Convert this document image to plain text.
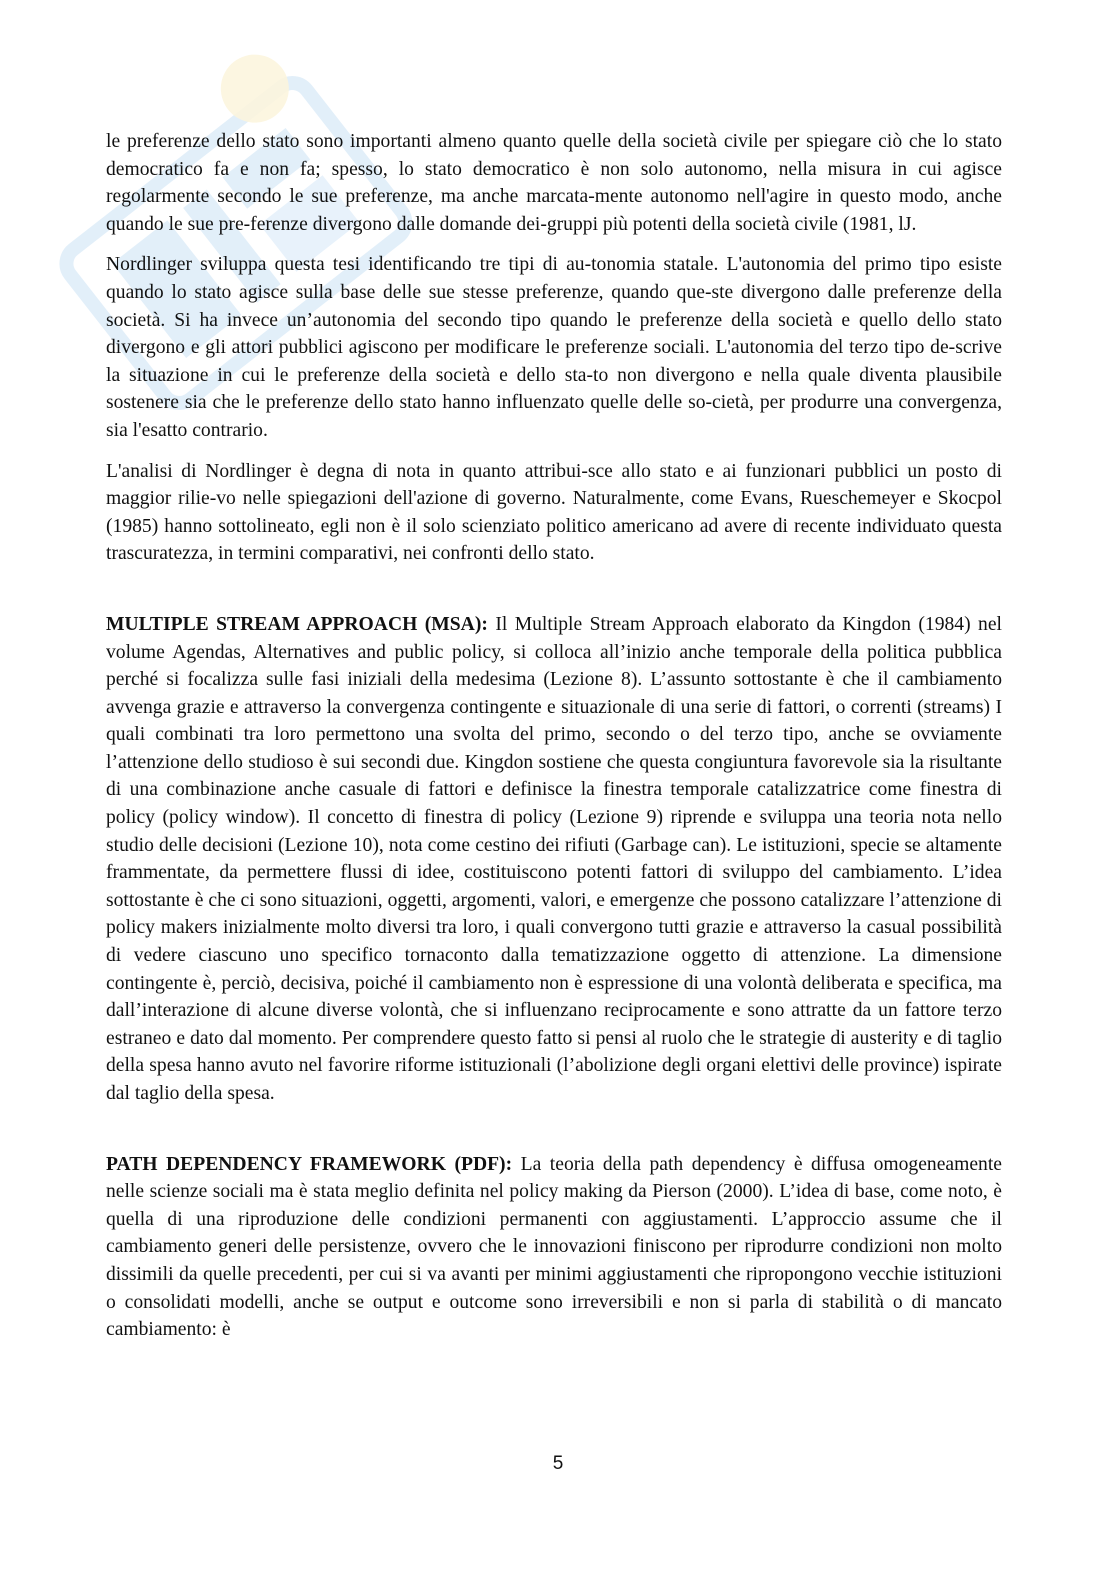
le preferenze dello stato sono importanti almeno quanto quelle della società civile per spiegare ciò che lo stato democratico fa e non fa; spesso, lo stato democratico è non solo autonomo, nella misura in cui agisce regolarmente secondo le sue preferenze, ma anche marcata-mente autonomo nell'agire in questo modo, anche quando le sue pre-ferenze divergono dalle domande dei-gruppi più potenti della società civile (1981, lJ.

Nordlinger sviluppa questa tesi identificando tre tipi di au-tonomia statale. L'autonomia del primo tipo esiste quando lo stato agisce sulla base delle sue stesse preferenze, quando que-ste divergono dalle preferenze della società. Si ha invece un’autonomia del secondo tipo quando le preferenze della società e quello dello stato divergono e gli attori pubblici agiscono per modificare le preferenze sociali. L'autonomia del terzo tipo de-scrive la situazione in cui le preferenze della società e dello sta-to non divergono e nella quale diventa plausibile sostenere sia che le preferenze dello stato hanno influenzato quelle delle so-cietà, per produrre una convergenza, sia l'esatto contrario.

L'analisi di Nordlinger è degna di nota in quanto attribui-sce allo stato e ai funzionari pubblici un posto di maggior rilie-vo nelle spiegazioni dell'azione di governo. Naturalmente, come Evans, Rueschemeyer e Skocpol (1985) hanno sottolineato, egli non è il solo scienziato politico americano ad avere di recente individuato questa trascuratezza, in termini comparativi, nei confronti dello stato.

MULTIPLE STREAM APPROACH (MSA): Il Multiple Stream Approach elaborato da Kingdon (1984) nel volume Agendas, Alternatives and public policy, si colloca all’inizio anche temporale della politica pubblica perché si focalizza sulle fasi iniziali della medesima (Lezione 8). L’assunto sottostante è che il cambiamento avvenga grazie e attraverso la convergenza contingente e situazionale di una serie di fattori, o correnti (streams) I quali combinati tra loro permettono una svolta del primo, secondo o del terzo tipo, anche se ovviamente l’attenzione dello studioso è sui secondi due. Kingdon sostiene che questa congiuntura favorevole sia la risultante di una combinazione anche casuale di fattori e definisce la finestra temporale catalizzatrice come finestra di policy (policy window). Il concetto di finestra di policy (Lezione 9) riprende e sviluppa una teoria nota nello studio delle decisioni (Lezione 10), nota come cestino dei rifiuti (Garbage can). Le istituzioni, specie se altamente frammentate, da permettere flussi di idee, costituiscono potenti fattori di sviluppo del cambiamento. L’idea sottostante è che ci sono situazioni, oggetti, argomenti, valori, e emergenze che possono catalizzare l’attenzione di policy makers inizialmente molto diversi tra loro, i quali convergono tutti grazie e attraverso la casual possibilità di vedere ciascuno uno specifico tornaconto dalla tematizzazione oggetto di attenzione. La dimensione contingente è, perciò, decisiva, poiché il cambiamento non è espressione di una volontà deliberata e specifica, ma dall’interazione di alcune diverse volontà, che si influenzano reciprocamente e sono attratte da un fattore terzo estraneo e dato dal momento. Per comprendere questo fatto si pensi al ruolo che le strategie di austerity e di taglio della spesa hanno avuto nel favorire riforme istituzionali (l’abolizione degli organi elettivi delle province) ispirate dal taglio della spesa.

PATH DEPENDENCY FRAMEWORK (PDF): La teoria della path dependency è diffusa omogeneamente nelle scienze sociali ma è stata meglio definita nel policy making da Pierson (2000). L’idea di base, come noto, è quella di una riproduzione delle condizioni permanenti con aggiustamenti. L’approccio assume che il cambiamento generi delle persistenze, ovvero che le innovazioni finiscono per riprodurre condizioni non molto dissimili da quelle precedenti, per cui si va avanti per minimi aggiustamenti che ripropongono vecchie istituzioni o consolidati modelli, anche se output e outcome sono irreversibili e non si parla di stabilità o di mancato cambiamento: è

5
